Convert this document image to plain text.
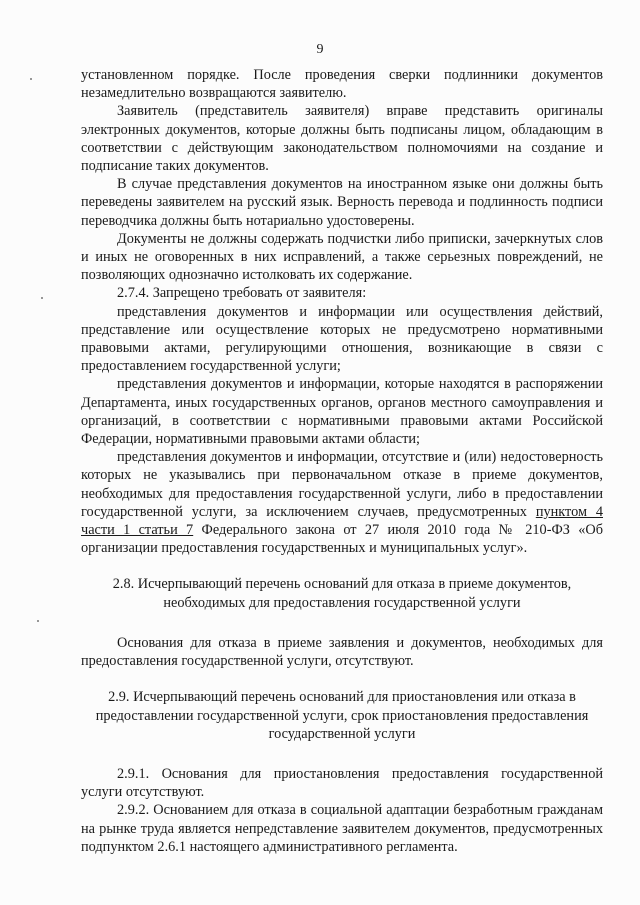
9

установленном порядке. После проведения сверки подлинники документов незамедлительно возвращаются заявителю.

Заявитель (представитель заявителя) вправе представить оригиналы электронных документов, которые должны быть подписаны лицом, обладающим в соответствии с действующим законодательством полномочиями на создание и подписание таких документов.

В случае представления документов на иностранном языке они должны быть переведены заявителем на русский язык. Верность перевода и подлинность подписи переводчика должны быть нотариально удостоверены.

Документы не должны содержать подчистки либо приписки, зачеркнутых слов и иных не оговоренных в них исправлений, а также серьезных повреждений, не позволяющих однозначно истолковать их содержание.

2.7.4. Запрещено требовать от заявителя:

представления документов и информации или осуществления действий, представление или осуществление которых не предусмотрено нормативными правовыми актами, регулирующими отношения, возникающие в связи с предоставлением государственной услуги;

представления документов и информации, которые находятся в распоряжении Департамента, иных государственных органов, органов местного самоуправления и организаций, в соответствии с нормативными правовыми актами Российской Федерации, нормативными правовыми актами области;

представления документов и информации, отсутствие и (или) недостоверность которых не указывались при первоначальном отказе в приеме документов, необходимых для предоставления государственной услуги, либо в предоставлении государственной услуги, за исключением случаев, предусмотренных пунктом 4 части 1 статьи 7 Федерального закона от 27 июля 2010 года № 210-ФЗ «Об организации предоставления государственных и муниципальных услуг».

2.8. Исчерпывающий перечень оснований для отказа в приеме документов, необходимых для предоставления государственной услуги

Основания для отказа в приеме заявления и документов, необходимых для предоставления государственной услуги, отсутствуют.

2.9. Исчерпывающий перечень оснований для приостановления или отказа в предоставлении государственной услуги, срок приостановления предоставления государственной услуги

2.9.1. Основания для приостановления предоставления государственной услуги отсутствуют.

2.9.2. Основанием для отказа в социальной адаптации безработным гражданам на рынке труда является непредставление заявителем документов, предусмотренных подпунктом 2.6.1 настоящего административного регламента.
